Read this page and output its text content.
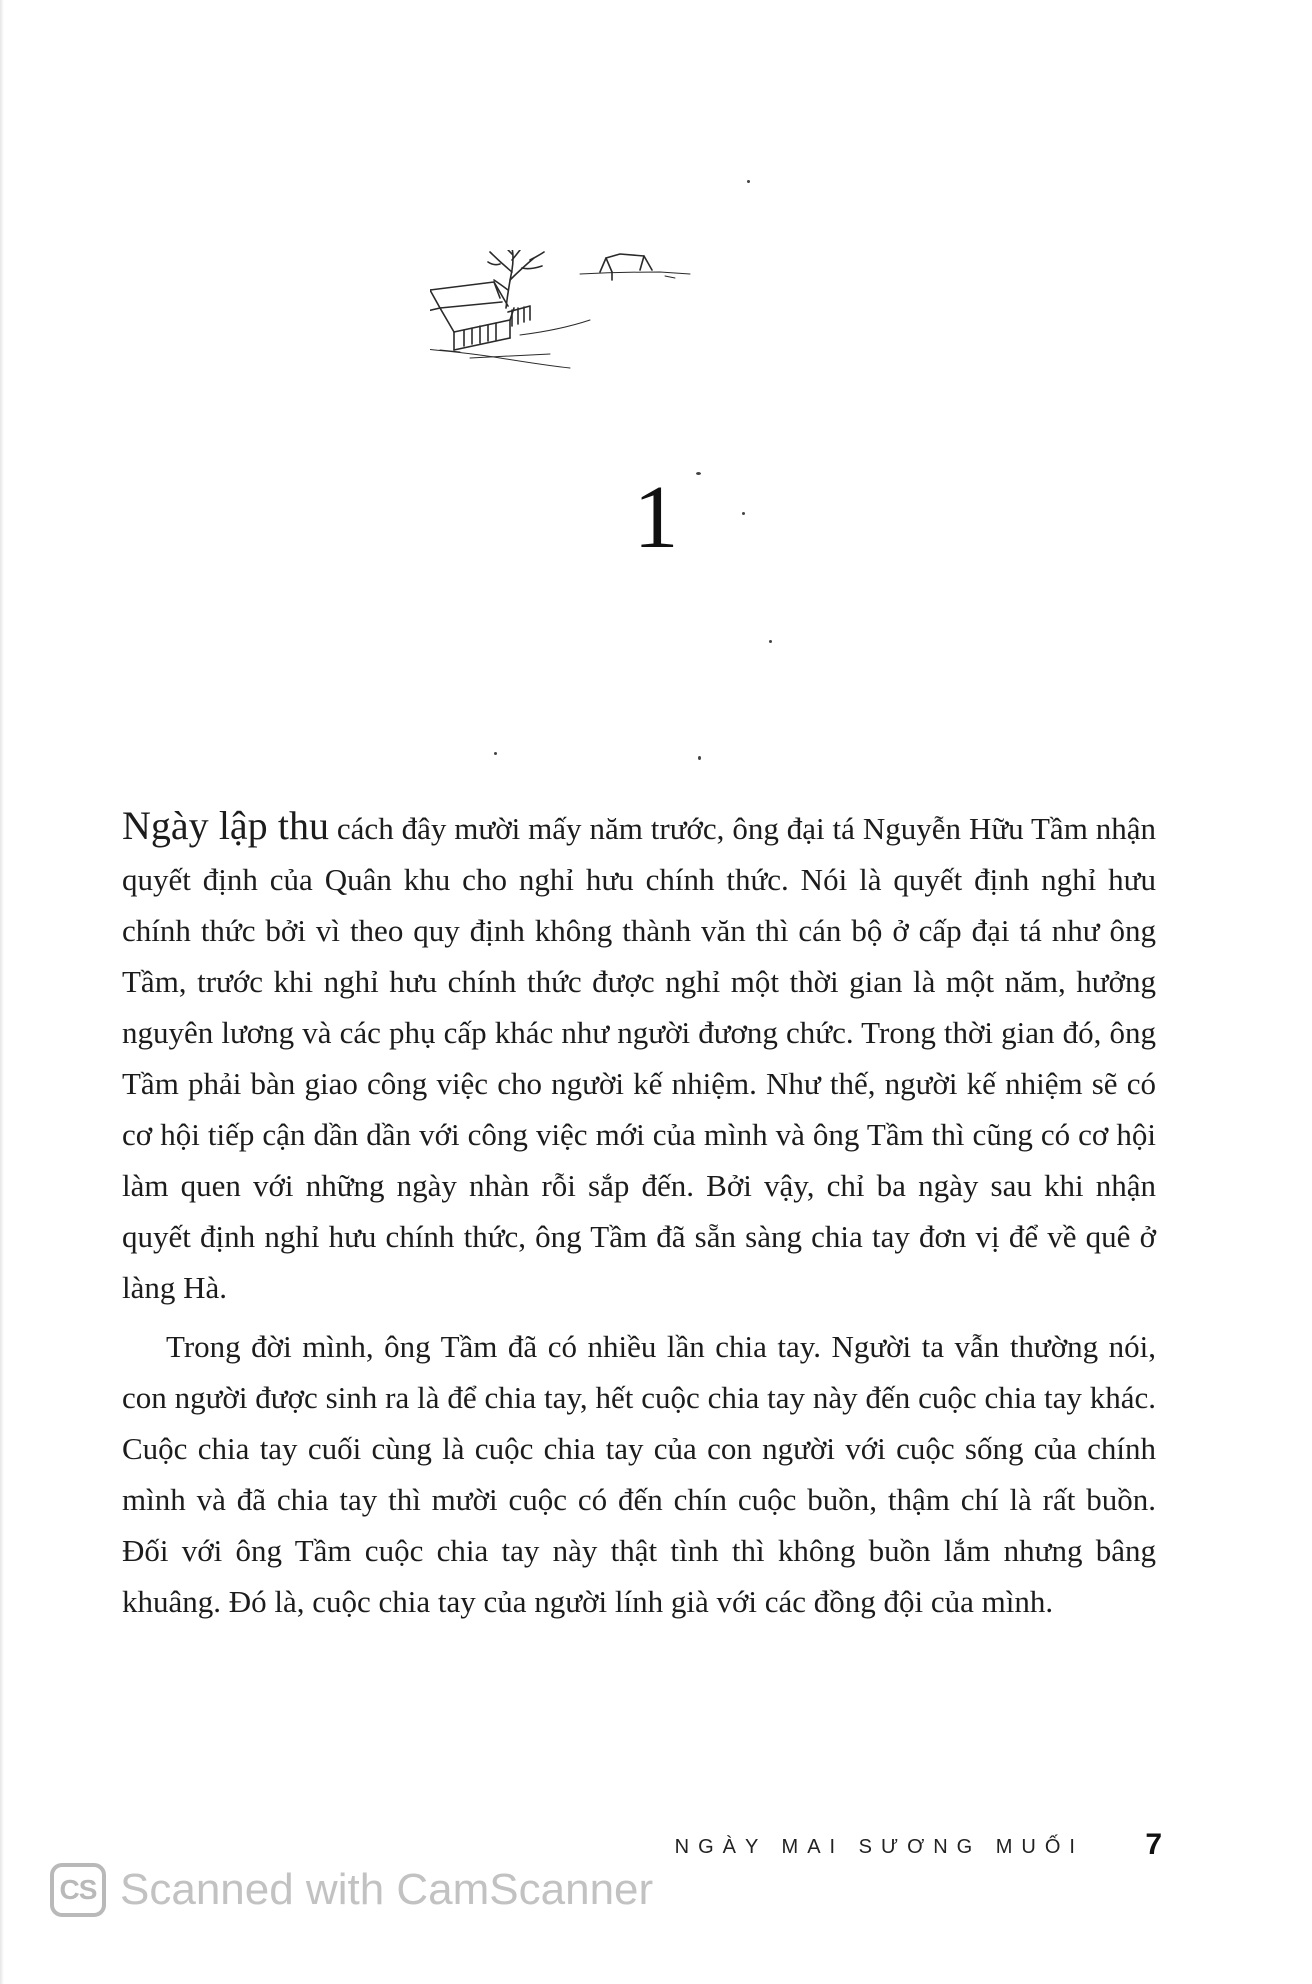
1

Ngày lập thu cách đây mười mấy năm trước, ông đại tá Nguyễn Hữu Tầm nhận quyết định của Quân khu cho nghỉ hưu chính thức. Nói là quyết định nghỉ hưu chính thức bởi vì theo quy định không thành văn thì cán bộ ở cấp đại tá như ông Tầm, trước khi nghỉ hưu chính thức được nghỉ một thời gian là một năm, hưởng nguyên lương và các phụ cấp khác như người đương chức. Trong thời gian đó, ông Tầm phải bàn giao công việc cho người kế nhiệm. Như thế, người kế nhiệm sẽ có cơ hội tiếp cận dần dần với công việc mới của mình và ông Tầm thì cũng có cơ hội làm quen với những ngày nhàn rỗi sắp đến. Bởi vậy, chỉ ba ngày sau khi nhận quyết định nghỉ hưu chính thức, ông Tầm đã sẵn sàng chia tay đơn vị để về quê ở làng Hà.

Trong đời mình, ông Tầm đã có nhiều lần chia tay. Người ta vẫn thường nói, con người được sinh ra là để chia tay, hết cuộc chia tay này đến cuộc chia tay khác. Cuộc chia tay cuối cùng là cuộc chia tay của con người với cuộc sống của chính mình và đã chia tay thì mười cuộc có đến chín cuộc buồn, thậm chí là rất buồn. Đối với ông Tầm cuộc chia tay này thật tình thì không buồn lắm nhưng bâng khuâng. Đó là, cuộc chia tay của người lính già với các đồng đội của mình.

NGÀY MAI SƯƠNG MUỐI 7
CS Scanned with CamScanner
